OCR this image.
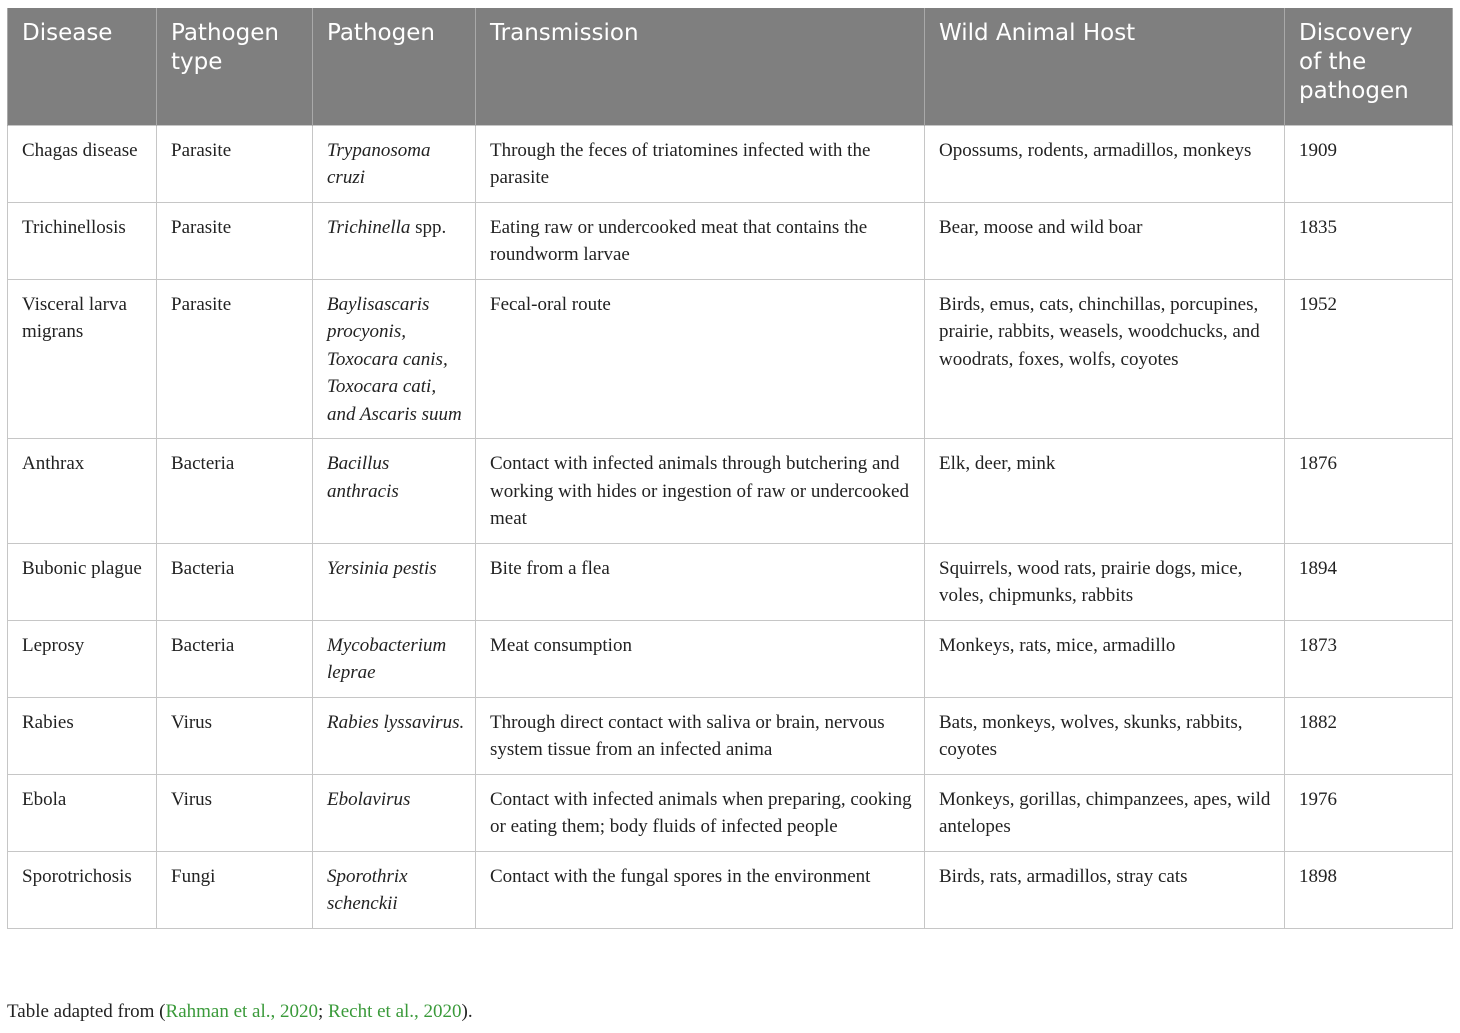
Disease	Pathogen type	Pathogen	Transmission	Wild Animal Host	Discovery of the pathogen
Chagas disease	Parasite	Trypanosoma cruzi	Through the feces of triatomines infected with the parasite	Opossums, rodents, armadillos, monkeys	1909
Trichinellosis	Parasite	Trichinella spp.	Eating raw or undercooked meat that contains the roundworm larvae	Bear, moose and wild boar	1835
Visceral larva migrans	Parasite	Baylisascaris procyonis, Toxocara canis, Toxocara cati, and Ascaris suum	Fecal-oral route	Birds, emus, cats, chinchillas, porcupines, prairie, rabbits, weasels, woodchucks, and woodrats, foxes, wolfs, coyotes	1952
Anthrax	Bacteria	Bacillus anthracis	Contact with infected animals through butchering and working with hides or ingestion of raw or undercooked meat	Elk, deer, mink	1876
Bubonic plague	Bacteria	Yersinia pestis	Bite from a flea	Squirrels, wood rats, prairie dogs, mice, voles, chipmunks, rabbits	1894
Leprosy	Bacteria	Mycobacterium leprae	Meat consumption	Monkeys, rats, mice, armadillo	1873
Rabies	Virus	Rabies lyssavirus.	Through direct contact with saliva or brain, nervous system tissue from an infected anima	Bats, monkeys, wolves, skunks, rabbits, coyotes	1882
Ebola	Virus	Ebolavirus	Contact with infected animals when preparing, cooking or eating them; body fluids of infected people	Monkeys, gorillas, chimpanzees, apes, wild antelopes	1976
Sporotrichosis	Fungi	Sporothrix schenckii	Contact with the fungal spores in the environment	Birds, rats, armadillos, stray cats	1898
Table adapted from (Rahman et al., 2020; Recht et al., 2020).
